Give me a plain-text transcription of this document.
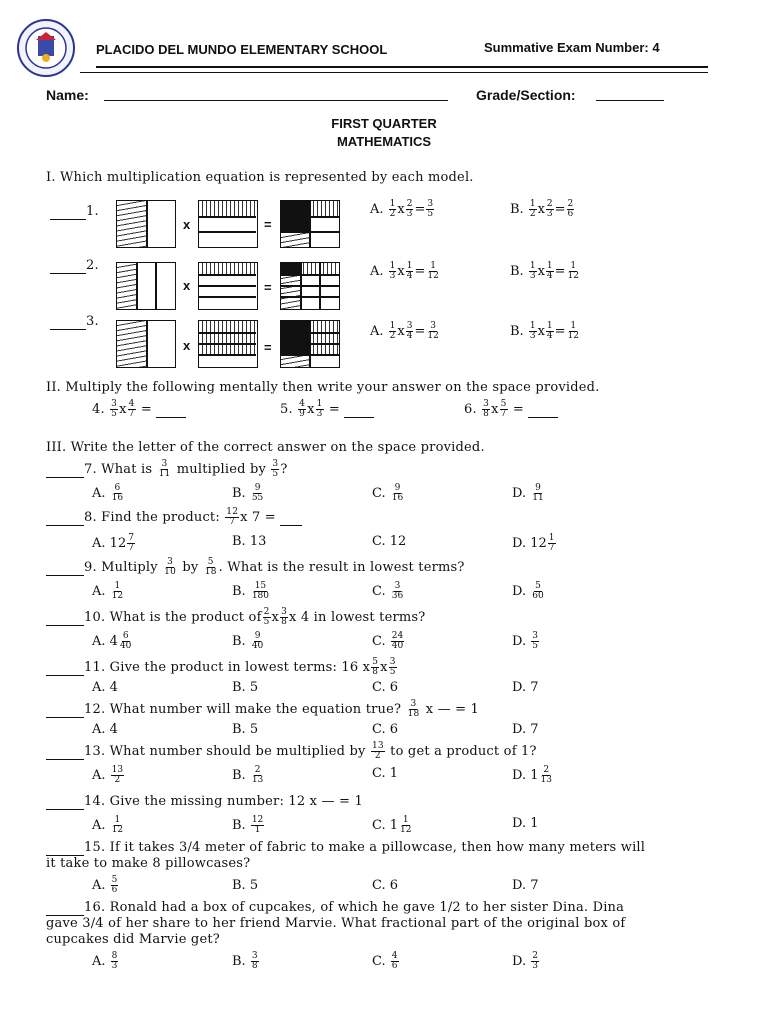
PLACIDO DEL MUNDO ELEMENTARY SCHOOL	Summative Exam Number: 4
Name:	Grade/Section:
FIRST QUARTER
MATHEMATICS
I. Which multiplication equation is represented by each model.
1.
x	=
A. $\frac{1}{2}$ x $\frac{2}{3} = \frac{3}{5}$	B. $\frac{1}{2}$ x $\frac{2}{3} = \frac{2}{6}$
2.
x	=
A. $\frac{1}{3}$ x $\frac{1}{4} = \frac{1}{12}$	B. $\frac{1}{3}$ x $\frac{1}{4} = \frac{1}{12}$
3.
x	=
A. $\frac{1}{2}$ x $\frac{3}{4} = \frac{3}{12}$	B. $\frac{1}{3}$ x $\frac{1}{4} = \frac{1}{12}$
II. Multiply the following mentally then write your answer on the space provided.
4. $\frac{3}{5}$ x $\frac{4}{7}$ =	5. $\frac{4}{9}$ x $\frac{1}{3}$ =	6. $\frac{3}{8}$ x $\frac{5}{7}$ =
III. Write the letter of the correct answer on the space provided.
7. What is $\frac{3}{11}$ multiplied by $\frac{3}{5}$ ?
A. $\frac{6}{16}$	B. $\frac{9}{55}$	C. $\frac{9}{16}$	D. $\frac{9}{11}$
8. Find the product: $\frac{12}{7}$ x 7 =
A. $12 \frac{7}{7}$	B. 13	C. 12	D. $12 \frac{1}{7}$
9. Multiply $\frac{3}{10}$ by $\frac{5}{18}$ . What is the result in lowest terms?
A. $\frac{1}{12}$	B. $\frac{15}{180}$	C. $\frac{3}{36}$	D. $\frac{5}{60}$
10. What is the product of $\frac{2}{5}$ x $\frac{3}{8}$ x 4 in lowest terms?
A. $4 \frac{6}{40}$	B. $\frac{9}{40}$	C. $\frac{24}{40}$	D. $\frac{3}{5}$
11. Give the product in lowest terms: 16 x $\frac{5}{8}$ x $\frac{3}{5}$
A. 4	B. 5	C. 6	D. 7
12. What number will make the equation true? $\frac{3}{18}$ x — = 1
A. 4	B. 5	C. 6	D. 7
13. What number should be multiplied by $\frac{13}{2}$ to get a product of 1?
A. $\frac{13}{2}$	B. $\frac{2}{13}$	C. 1	D. $1 \frac{2}{13}$
14. Give the missing number: 12 x — = 1
A. $\frac{1}{12}$	B. $\frac{12}{1}$	C. $1 \frac{1}{12}$	D. 1
15. If it takes 3/4 meter of fabric to make a pillowcase, then how many meters will
it take to make 8 pillowcases?
A. $\frac{5}{6}$	B. 5	C. 6	D. 7
16. Ronald had a box of cupcakes, of which he gave 1/2 to her sister Dina. Dina
gave 3/4 of her share to her friend Marvie. What fractional part of the original box of
cupcakes did Marvie get?
A. $\frac{8}{3}$	B. $\frac{3}{8}$	C. $\frac{4}{6}$	D. $\frac{2}{3}$
